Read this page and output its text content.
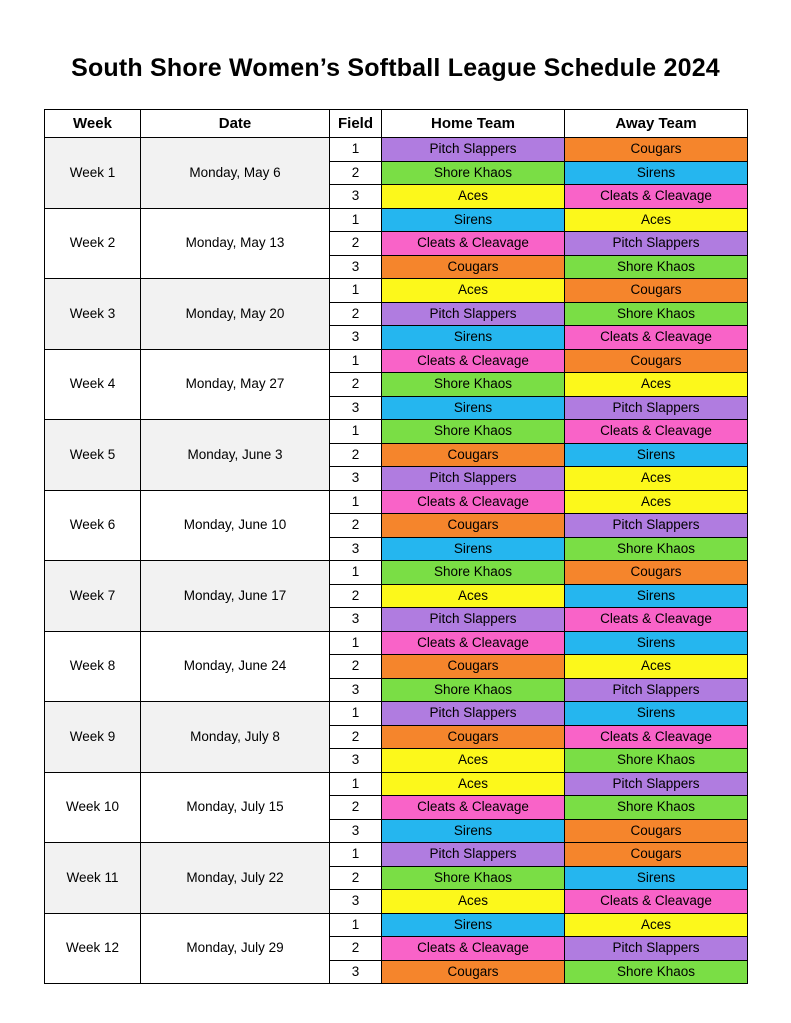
South Shore Women’s Softball League Schedule 2024
Week	Date	Field	Home Team	Away Team
Week 1	Monday, May 6	1	Pitch Slappers	Cougars
		2	Shore Khaos	Sirens
		3	Aces	Cleats & Cleavage
Week 2	Monday, May 13	1	Sirens	Aces
		2	Cleats & Cleavage	Pitch Slappers
		3	Cougars	Shore Khaos
Week 3	Monday, May 20	1	Aces	Cougars
		2	Pitch Slappers	Shore Khaos
		3	Sirens	Cleats & Cleavage
Week 4	Monday, May 27	1	Cleats & Cleavage	Cougars
		2	Shore Khaos	Aces
		3	Sirens	Pitch Slappers
Week 5	Monday, June 3	1	Shore Khaos	Cleats & Cleavage
		2	Cougars	Sirens
		3	Pitch Slappers	Aces
Week 6	Monday, June 10	1	Cleats & Cleavage	Aces
		2	Cougars	Pitch Slappers
		3	Sirens	Shore Khaos
Week 7	Monday, June 17	1	Shore Khaos	Cougars
		2	Aces	Sirens
		3	Pitch Slappers	Cleats & Cleavage
Week 8	Monday, June 24	1	Cleats & Cleavage	Sirens
		2	Cougars	Aces
		3	Shore Khaos	Pitch Slappers
Week 9	Monday, July 8	1	Pitch Slappers	Sirens
		2	Cougars	Cleats & Cleavage
		3	Aces	Shore Khaos
Week 10	Monday, July 15	1	Aces	Pitch Slappers
		2	Cleats & Cleavage	Shore Khaos
		3	Sirens	Cougars
Week 11	Monday, July 22	1	Pitch Slappers	Cougars
		2	Shore Khaos	Sirens
		3	Aces	Cleats & Cleavage
Week 12	Monday, July 29	1	Sirens	Aces
		2	Cleats & Cleavage	Pitch Slappers
		3	Cougars	Shore Khaos
